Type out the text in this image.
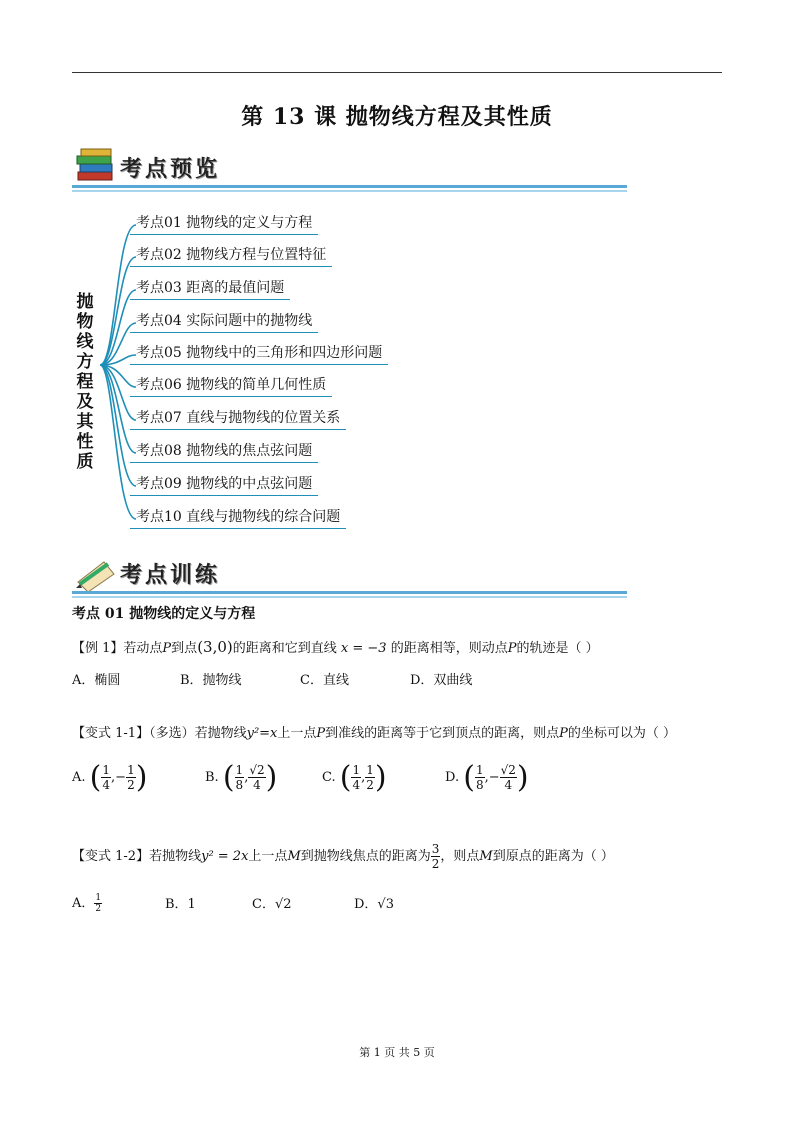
第 13 课 抛物线方程及其性质
考点预览
抛
物
线
方
程
及
其
性
质
考点01 抛物线的定义与方程
考点02 抛物线方程与位置特征
考点03 距离的最值问题
考点04 实际问题中的抛物线
考点05 抛物线中的三角形和四边形问题
考点06 抛物线的简单几何性质
考点07 直线与抛物线的位置关系
考点08 抛物线的焦点弦问题
考点09 抛物线的中点弦问题
考点10 直线与抛物线的综合问题
考点训练
考点 01 抛物线的定义与方程
【例 1】若动点P到点(3,0)的距离和它到直线 x = −3 的距离相等，则动点P的轨迹是（ ）
A．椭圆	B．抛物线	C．直线	D．双曲线
【变式 1-1】（多选）若抛物线y²=x上一点P到准线的距离等于它到顶点的距离，则点P的坐标可以为（ ）
A. ( $\frac{1}{4}$ ,− $\frac{1}{2}$ )	B. ( $\frac{1}{8}$ , $\frac{√2}{4}$ )	C. ( $\frac{1}{4}$ , $\frac{1}{2}$ )	D. ( $\frac{1}{8}$ ,− $\frac{√2}{4}$ )
【变式 1-2】若抛物线y² = 2x上一点M到抛物线焦点的距离为 $\frac{3}{2}$ ，则点M到原点的距离为（ ）
A． $\frac{1}{2}$	B．1	C．√2	D．√3
第 1 页 共 5 页
